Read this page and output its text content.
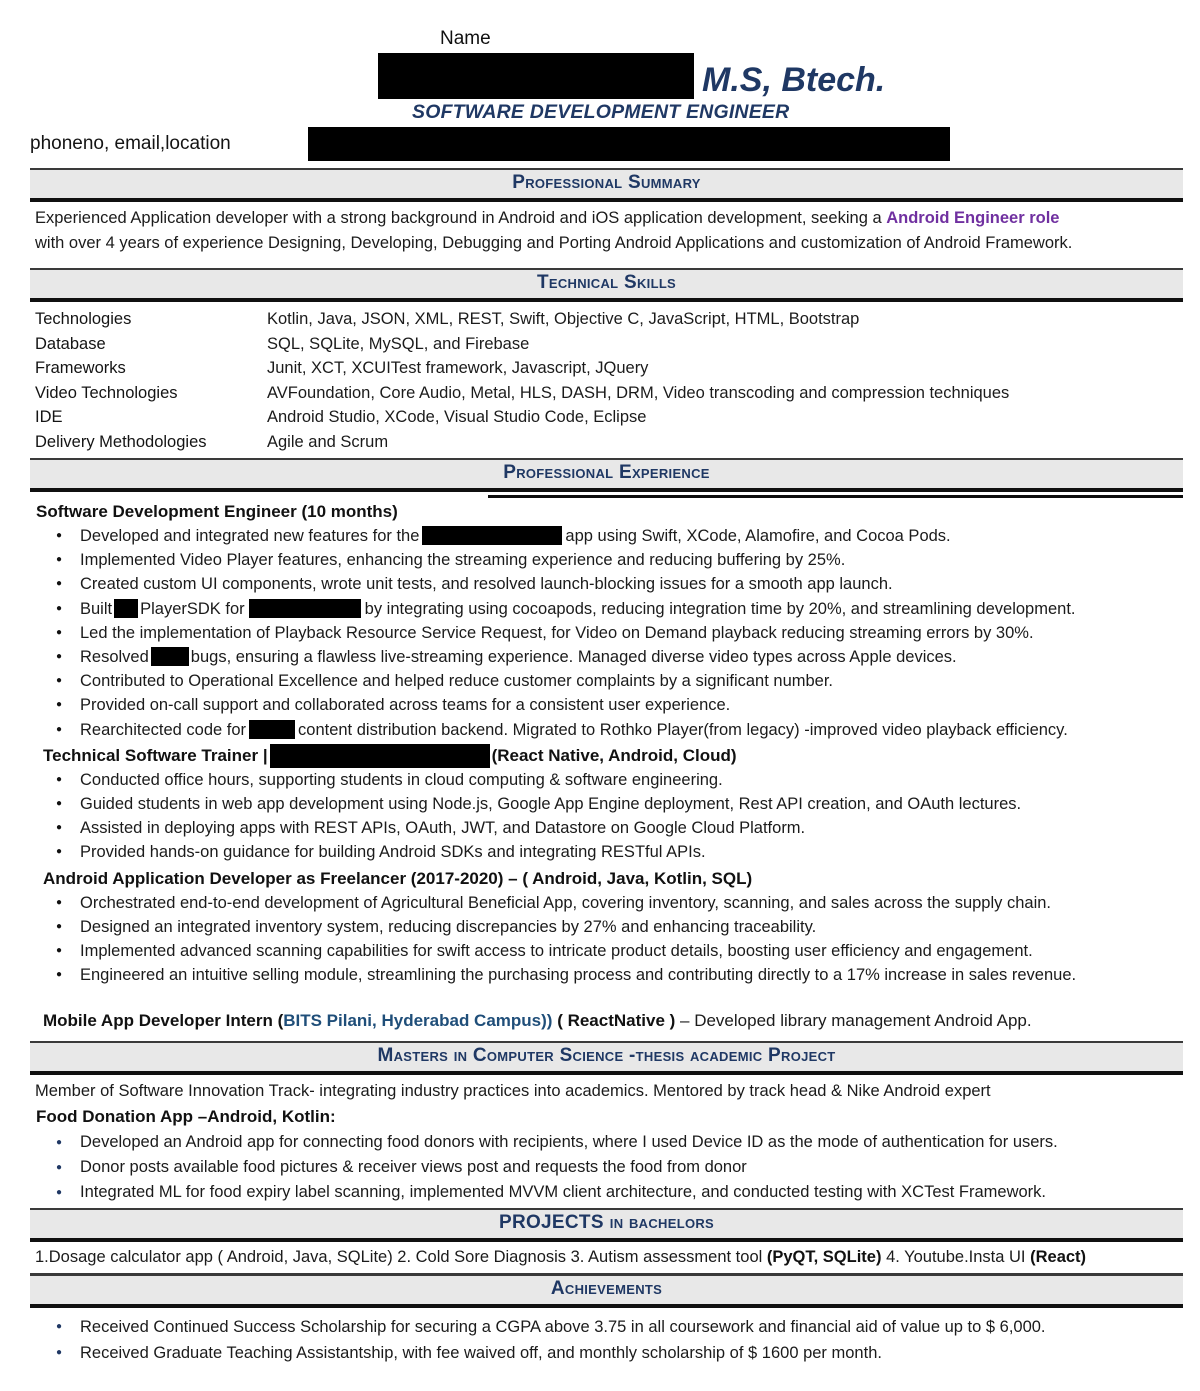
Name
M.S, Btech.
SOFTWARE DEVELOPMENT ENGINEER
phoneno, email,location
Professional Summary
Experienced Application developer with a strong background in Android and iOS application development, seeking a Android Engineer role
with over 4 years of experience Designing, Developing, Debugging and Porting Android Applications and customization of Android Framework.
Technical Skills
Technologies	Kotlin, Java, JSON, XML, REST, Swift, Objective C, JavaScript, HTML, Bootstrap
Database	SQL, SQLite, MySQL, and Firebase
Frameworks	Junit, XCT, XCUITest framework, Javascript, JQuery
Video Technologies	AVFoundation, Core Audio, Metal, HLS, DASH, DRM, Video transcoding and compression techniques
IDE	Android Studio, XCode, Visual Studio Code, Eclipse
Delivery Methodologies	Agile and Scrum
Professional Experience
Software Development Engineer (10 months)
● Developed and integrated new features for the	app using Swift, XCode, Alamofire, and Cocoa Pods.
● Implemented Video Player features, enhancing the streaming experience and reducing buffering by 25%.
● Created custom UI components, wrote unit tests, and resolved launch-blocking issues for a smooth app launch.
● Built PlayerSDK for	by integrating using cocoapods, reducing integration time by 20%, and streamlining development.
● Led the implementation of Playback Resource Service Request, for Video on Demand playback reducing streaming errors by 30%.
● Resolved	bugs, ensuring a flawless live-streaming experience. Managed diverse video types across Apple devices.
● Contributed to Operational Excellence and helped reduce customer complaints by a significant number.
● Provided on-call support and collaborated across teams for a consistent user experience.
● Rearchitected code for	content distribution backend. Migrated to Rothko Player(from legacy) -improved video playback efficiency.
Technical Software Trainer |	(React Native, Android, Cloud)
● Conducted office hours, supporting students in cloud computing & software engineering.
● Guided students in web app development using Node.js, Google App Engine deployment, Rest API creation, and OAuth lectures.
● Assisted in deploying apps with REST APIs, OAuth, JWT, and Datastore on Google Cloud Platform.
● Provided hands-on guidance for building Android SDKs and integrating RESTful APIs.
Android Application Developer as Freelancer (2017-2020) – ( Android, Java, Kotlin, SQL)
● Orchestrated end-to-end development of Agricultural Beneficial App, covering inventory, scanning, and sales across the supply chain.
● Designed an integrated inventory system, reducing discrepancies by 27% and enhancing traceability.
● Implemented advanced scanning capabilities for swift access to intricate product details, boosting user efficiency and engagement.
● Engineered an intuitive selling module, streamlining the purchasing process and contributing directly to a 17% increase in sales revenue.
Mobile App Developer Intern (BITS Pilani, Hyderabad Campus)) ( ReactNative ) – Developed library management Android App.
Masters in Computer Science -thesis academic Project
Member of Software Innovation Track- integrating industry practices into academics. Mentored by track head & Nike Android expert
Food Donation App –Android, Kotlin:
● Developed an Android app for connecting food donors with recipients, where I used Device ID as the mode of authentication for users.
● Donor posts available food pictures & receiver views post and requests the food from donor
● Integrated ML for food expiry label scanning, implemented MVVM client architecture, and conducted testing with XCTest Framework.
PROJECTS in bachelors
1.Dosage calculator app ( Android, Java, SQLite) 2. Cold Sore Diagnosis 3. Autism assessment tool (PyQT, SQLite) 4. Youtube.Insta UI (React)
Achievements
● Received Continued Success Scholarship for securing a CGPA above 3.75 in all coursework and financial aid of value up to $ 6,000.
● Received Graduate Teaching Assistantship, with fee waived off, and monthly scholarship of $ 1600 per month.
